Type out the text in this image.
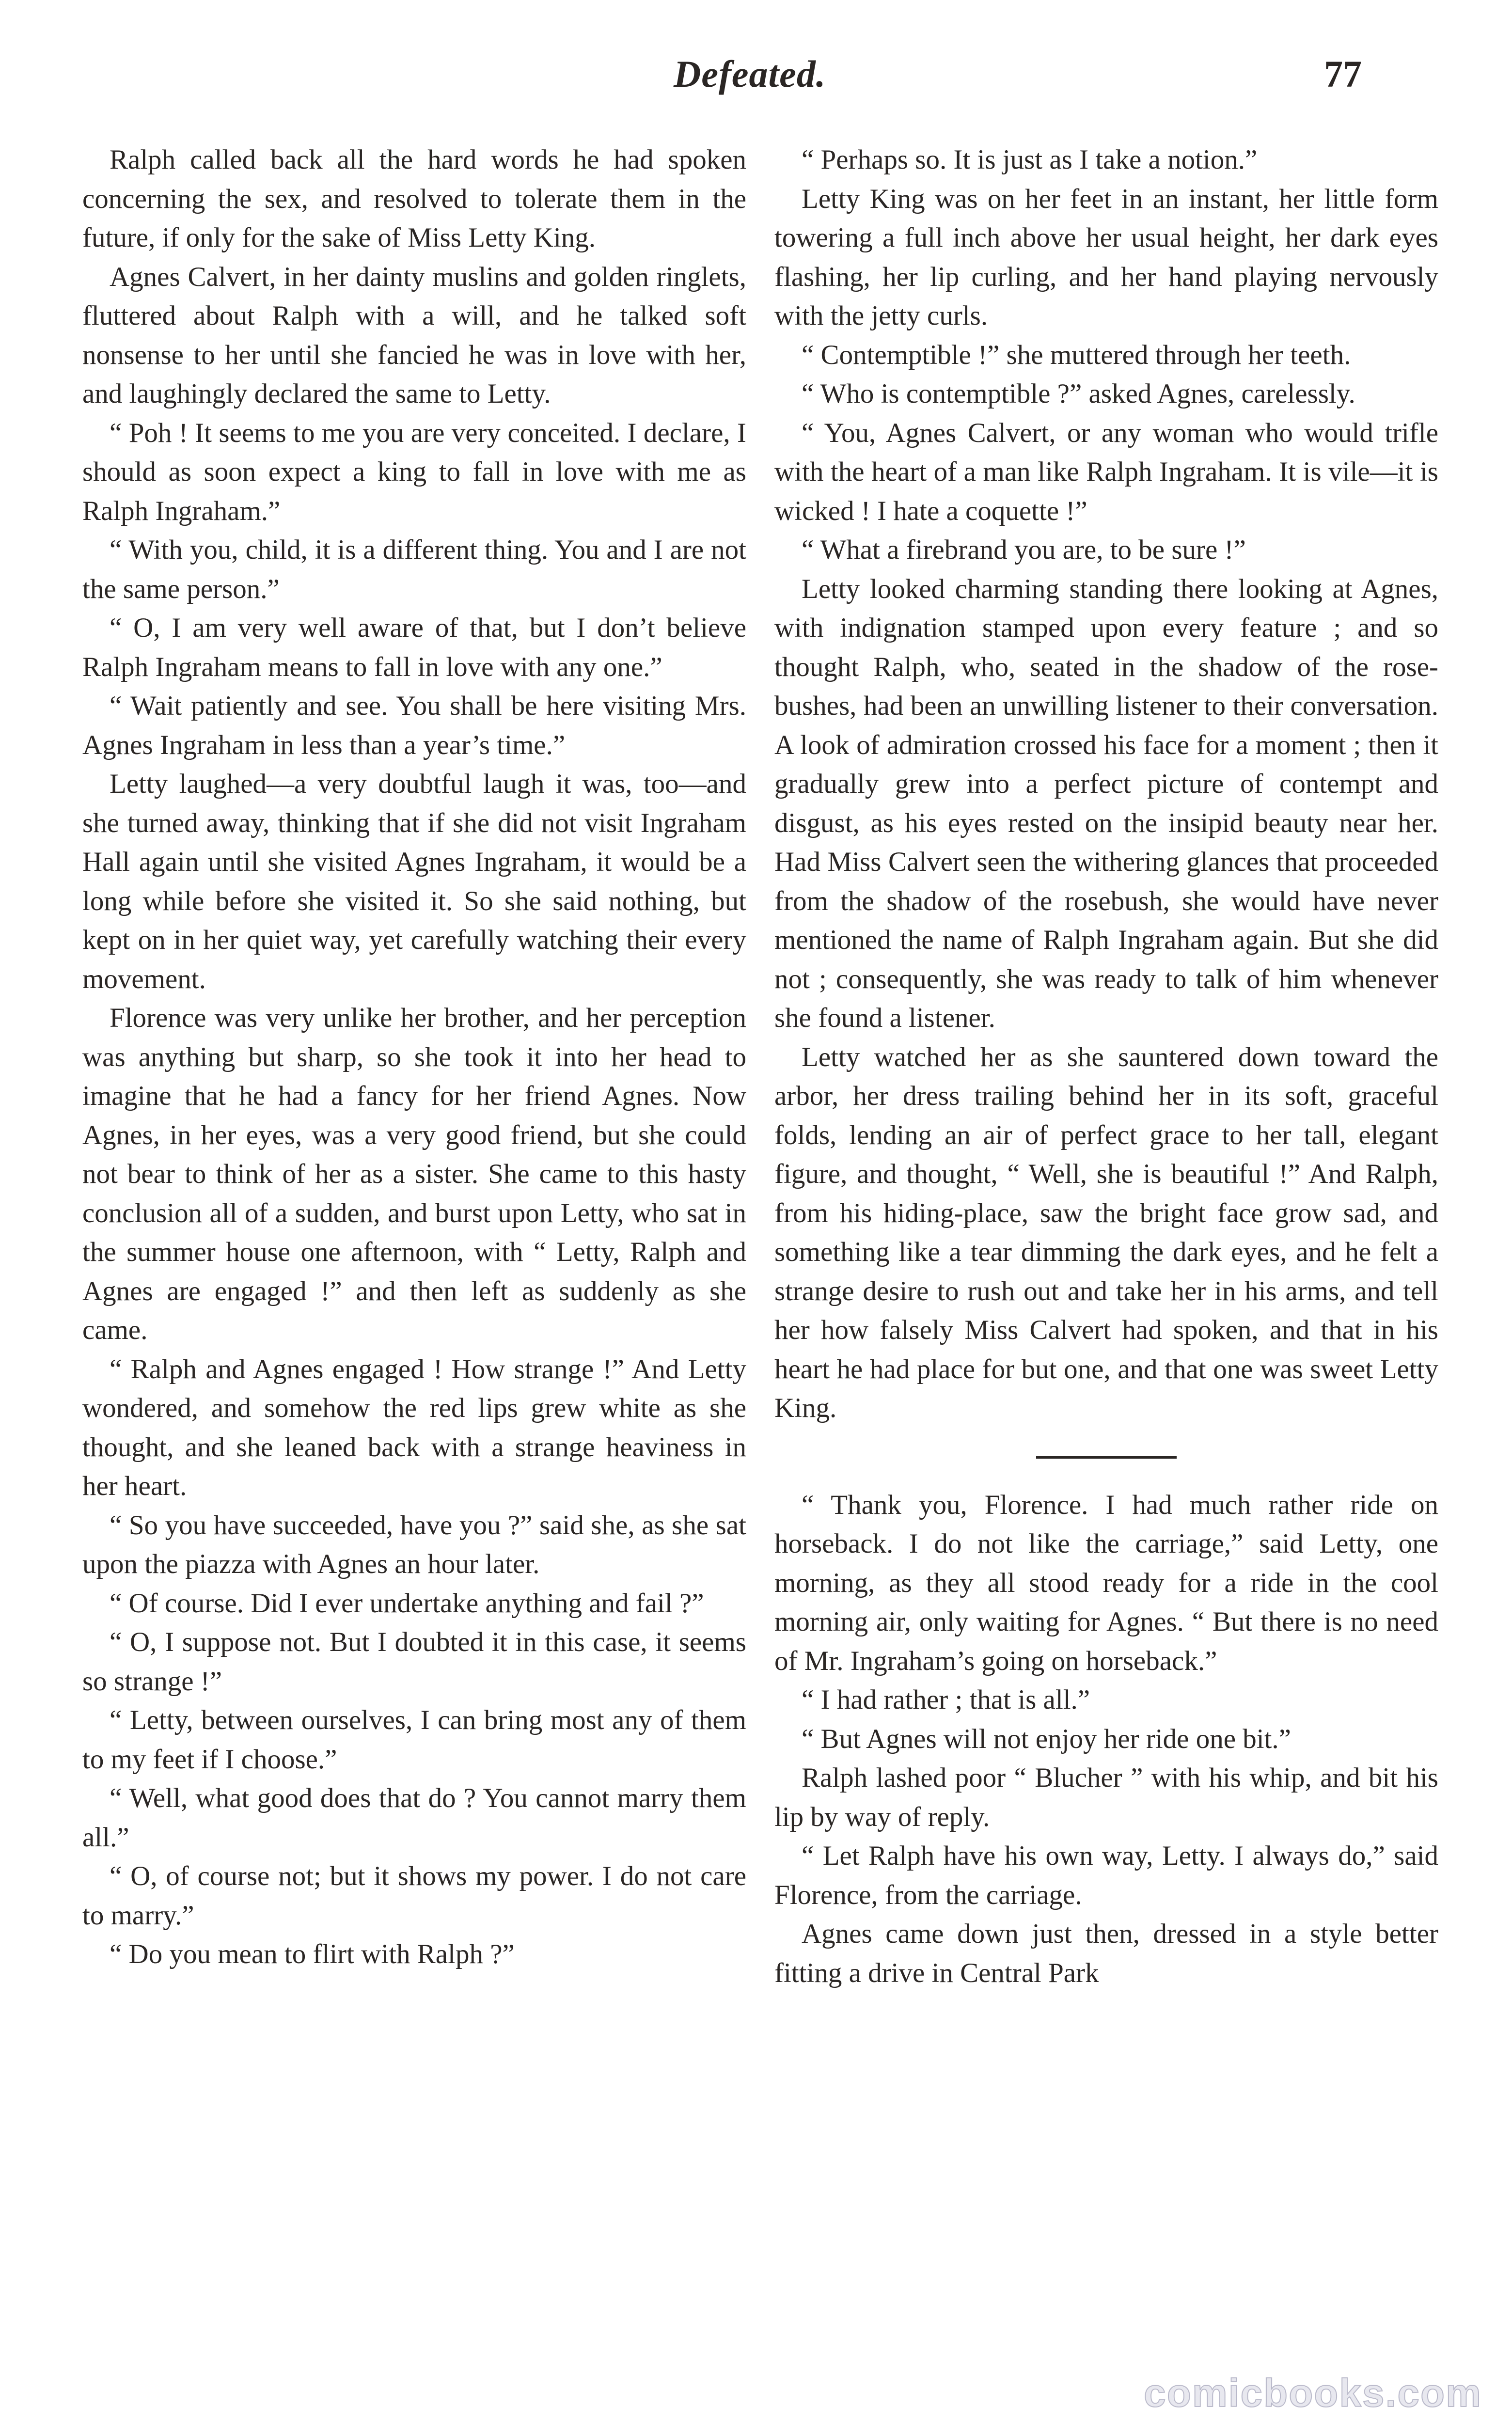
Defeated.	77

Ralph called back all the hard words he had spoken concerning the sex, and resolved to tolerate them in the future, if only for the sake of Miss Letty King.

Agnes Calvert, in her dainty muslins and golden ringlets, fluttered about Ralph with a will, and he talked soft nonsense to her until she fancied he was in love with her, and laughingly declared the same to Letty.

“ Poh ! It seems to me you are very conceited. I declare, I should as soon expect a king to fall in love with me as Ralph Ingraham.”

“ With you, child, it is a different thing. You and I are not the same person.”

“ O, I am very well aware of that, but I don’t believe Ralph Ingraham means to fall in love with any one.”

“ Wait patiently and see. You shall be here visiting Mrs. Agnes Ingraham in less than a year’s time.”

Letty laughed—a very doubtful laugh it was, too—and she turned away, thinking that if she did not visit Ingraham Hall again until she visited Agnes Ingraham, it would be a long while before she visited it. So she said nothing, but kept on in her quiet way, yet carefully watching their every movement.

Florence was very unlike her brother, and her perception was anything but sharp, so she took it into her head to imagine that he had a fancy for her friend Agnes. Now Agnes, in her eyes, was a very good friend, but she could not bear to think of her as a sister. She came to this hasty conclusion all of a sudden, and burst upon Letty, who sat in the summer house one afternoon, with “ Letty, Ralph and Agnes are engaged !” and then left as suddenly as she came.

“ Ralph and Agnes engaged ! How strange !” And Letty wondered, and somehow the red lips grew white as she thought, and she leaned back with a strange heaviness in her heart.

“ So you have succeeded, have you ?” said she, as she sat upon the piazza with Agnes an hour later.

“ Of course. Did I ever undertake anything and fail ?”

“ O, I suppose not. But I doubted it in this case, it seems so strange !”

“ Letty, between ourselves, I can bring most any of them to my feet if I choose.”

“ Well, what good does that do ? You cannot marry them all.”

“ O, of course not; but it shows my power. I do not care to marry.”

“ Do you mean to flirt with Ralph ?”

“ Perhaps so. It is just as I take a notion.”

Letty King was on her feet in an instant, her little form towering a full inch above her usual height, her dark eyes flashing, her lip curling, and her hand playing nervously with the jetty curls.

“ Contemptible !” she muttered through her teeth.

“ Who is contemptible ?” asked Agnes, carelessly.

“ You, Agnes Calvert, or any woman who would trifle with the heart of a man like Ralph Ingraham. It is vile—it is wicked ! I hate a coquette !”

“ What a firebrand you are, to be sure !”

Letty looked charming standing there looking at Agnes, with indignation stamped upon every feature ; and so thought Ralph, who, seated in the shadow of the rose-bushes, had been an unwilling listener to their conversation. A look of admiration crossed his face for a moment ; then it gradually grew into a perfect picture of contempt and disgust, as his eyes rested on the insipid beauty near her. Had Miss Calvert seen the withering glances that proceeded from the shadow of the rosebush, she would have never mentioned the name of Ralph Ingraham again. But she did not ; consequently, she was ready to talk of him whenever she found a listener.

Letty watched her as she sauntered down toward the arbor, her dress trailing behind her in its soft, graceful folds, lending an air of perfect grace to her tall, elegant figure, and thought, “ Well, she is beautiful !” And Ralph, from his hiding-place, saw the bright face grow sad, and something like a tear dimming the dark eyes, and he felt a strange desire to rush out and take her in his arms, and tell her how falsely Miss Calvert had spoken, and that in his heart he had place for but one, and that one was sweet Letty King.

“ Thank you, Florence. I had much rather ride on horseback. I do not like the carriage,” said Letty, one morning, as they all stood ready for a ride in the cool morning air, only waiting for Agnes. “ But there is no need of Mr. Ingraham’s going on horseback.”

“ I had rather ; that is all.”

“ But Agnes will not enjoy her ride one bit.”

Ralph lashed poor “ Blucher ” with his whip, and bit his lip by way of reply.

“ Let Ralph have his own way, Letty. I always do,” said Florence, from the carriage.

Agnes came down just then, dressed in a style better fitting a drive in Central Park

comicbooks.com
